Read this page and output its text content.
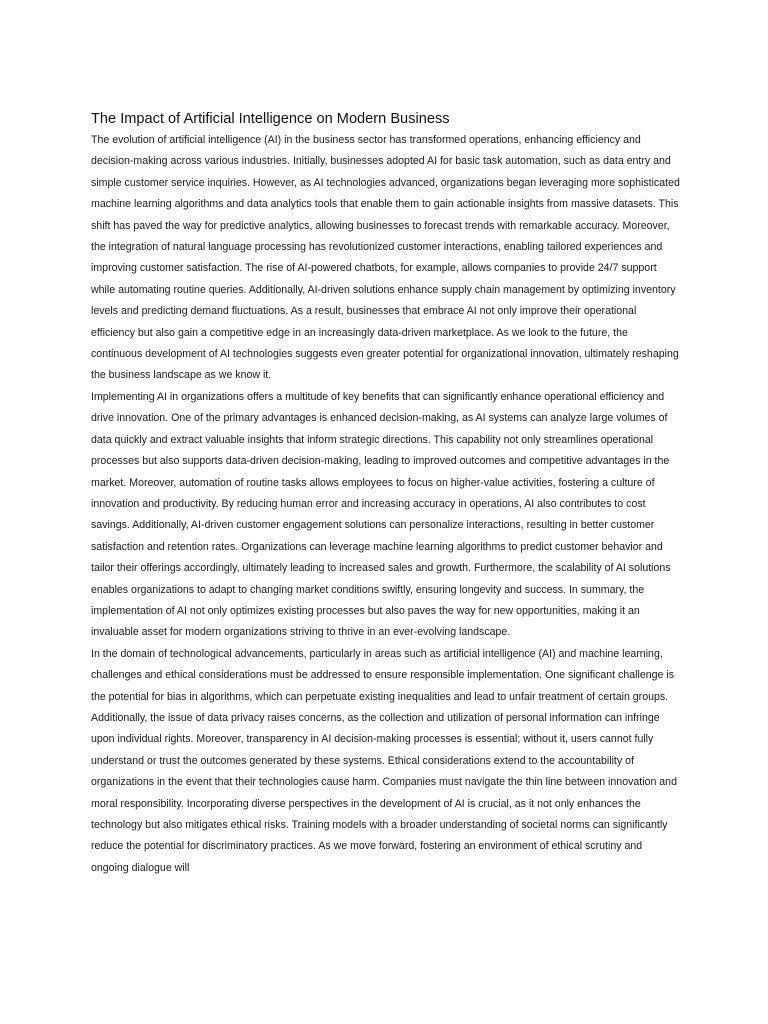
The Impact of Artificial Intelligence on Modern Business

The evolution of artificial intelligence (AI) in the business sector has transformed operations, enhancing efficiency and decision-making across various industries. Initially, businesses adopted AI for basic task automation, such as data entry and simple customer service inquiries. However, as AI technologies advanced, organizations began leveraging more sophisticated machine learning algorithms and data analytics tools that enable them to gain actionable insights from massive datasets. This shift has paved the way for predictive analytics, allowing businesses to forecast trends with remarkable accuracy. Moreover, the integration of natural language processing has revolutionized customer interactions, enabling tailored experiences and improving customer satisfaction. The rise of AI-powered chatbots, for example, allows companies to provide 24/7 support while automating routine queries. Additionally, AI-driven solutions enhance supply chain management by optimizing inventory levels and predicting demand fluctuations. As a result, businesses that embrace AI not only improve their operational efficiency but also gain a competitive edge in an increasingly data-driven marketplace. As we look to the future, the continuous development of AI technologies suggests even greater potential for organizational innovation, ultimately reshaping the business landscape as we know it.

Implementing AI in organizations offers a multitude of key benefits that can significantly enhance operational efficiency and drive innovation. One of the primary advantages is enhanced decision-making, as AI systems can analyze large volumes of data quickly and extract valuable insights that inform strategic directions. This capability not only streamlines operational processes but also supports data-driven decision-making, leading to improved outcomes and competitive advantages in the market. Moreover, automation of routine tasks allows employees to focus on higher-value activities, fostering a culture of innovation and productivity. By reducing human error and increasing accuracy in operations, AI also contributes to cost savings. Additionally, AI-driven customer engagement solutions can personalize interactions, resulting in better customer satisfaction and retention rates. Organizations can leverage machine learning algorithms to predict customer behavior and tailor their offerings accordingly, ultimately leading to increased sales and growth. Furthermore, the scalability of AI solutions enables organizations to adapt to changing market conditions swiftly, ensuring longevity and success. In summary, the implementation of AI not only optimizes existing processes but also paves the way for new opportunities, making it an invaluable asset for modern organizations striving to thrive in an ever-evolving landscape.

In the domain of technological advancements, particularly in areas such as artificial intelligence (AI) and machine learning, challenges and ethical considerations must be addressed to ensure responsible implementation. One significant challenge is the potential for bias in algorithms, which can perpetuate existing inequalities and lead to unfair treatment of certain groups. Additionally, the issue of data privacy raises concerns, as the collection and utilization of personal information can infringe upon individual rights. Moreover, transparency in AI decision-making processes is essential; without it, users cannot fully understand or trust the outcomes generated by these systems. Ethical considerations extend to the accountability of organizations in the event that their technologies cause harm. Companies must navigate the thin line between innovation and moral responsibility. Incorporating diverse perspectives in the development of AI is crucial, as it not only enhances the technology but also mitigates ethical risks. Training models with a broader understanding of societal norms can significantly reduce the potential for discriminatory practices. As we move forward, fostering an environment of ethical scrutiny and ongoing dialogue will
